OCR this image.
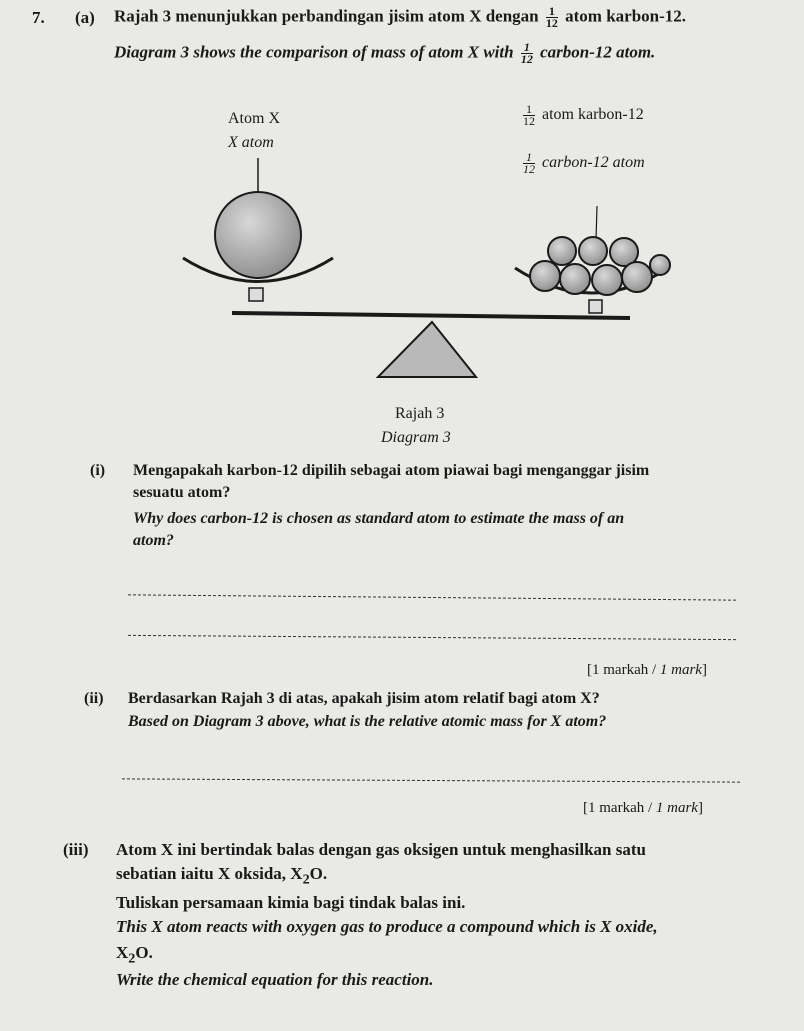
7. (a) Rajah 3 menunjukkan perbandingan jisim atom X dengan $\frac{1}{12}$ atom karbon-12.
Diagram 3 shows the comparison of mass of atom X with $\frac{1}{12}$ carbon-12 atom.
Atom X
X atom
$\frac{1}{12}$ atom karbon-12
$\frac{1}{12}$ carbon-12 atom
Rajah 3
Diagram 3
(i) Mengapakah karbon-12 dipilih sebagai atom piawai bagi menganggar jisim
sesuatu atom?
Why does carbon-12 is chosen as standard atom to estimate the mass of an
atom?
[1 markah / 1 mark]
(ii) Berdasarkan Rajah 3 di atas, apakah jisim atom relatif bagi atom X?
Based on Diagram 3 above, what is the relative atomic mass for X atom?
[1 markah / 1 mark]
(iii) Atom X ini bertindak balas dengan gas oksigen untuk menghasilkan satu
sebatian iaitu X oksida, $X_2O$.
Tuliskan persamaan kimia bagi tindak balas ini.
This X atom reacts with oxygen gas to produce a compound which is X oxide,
$X_2O$.
Write the chemical equation for this reaction.
